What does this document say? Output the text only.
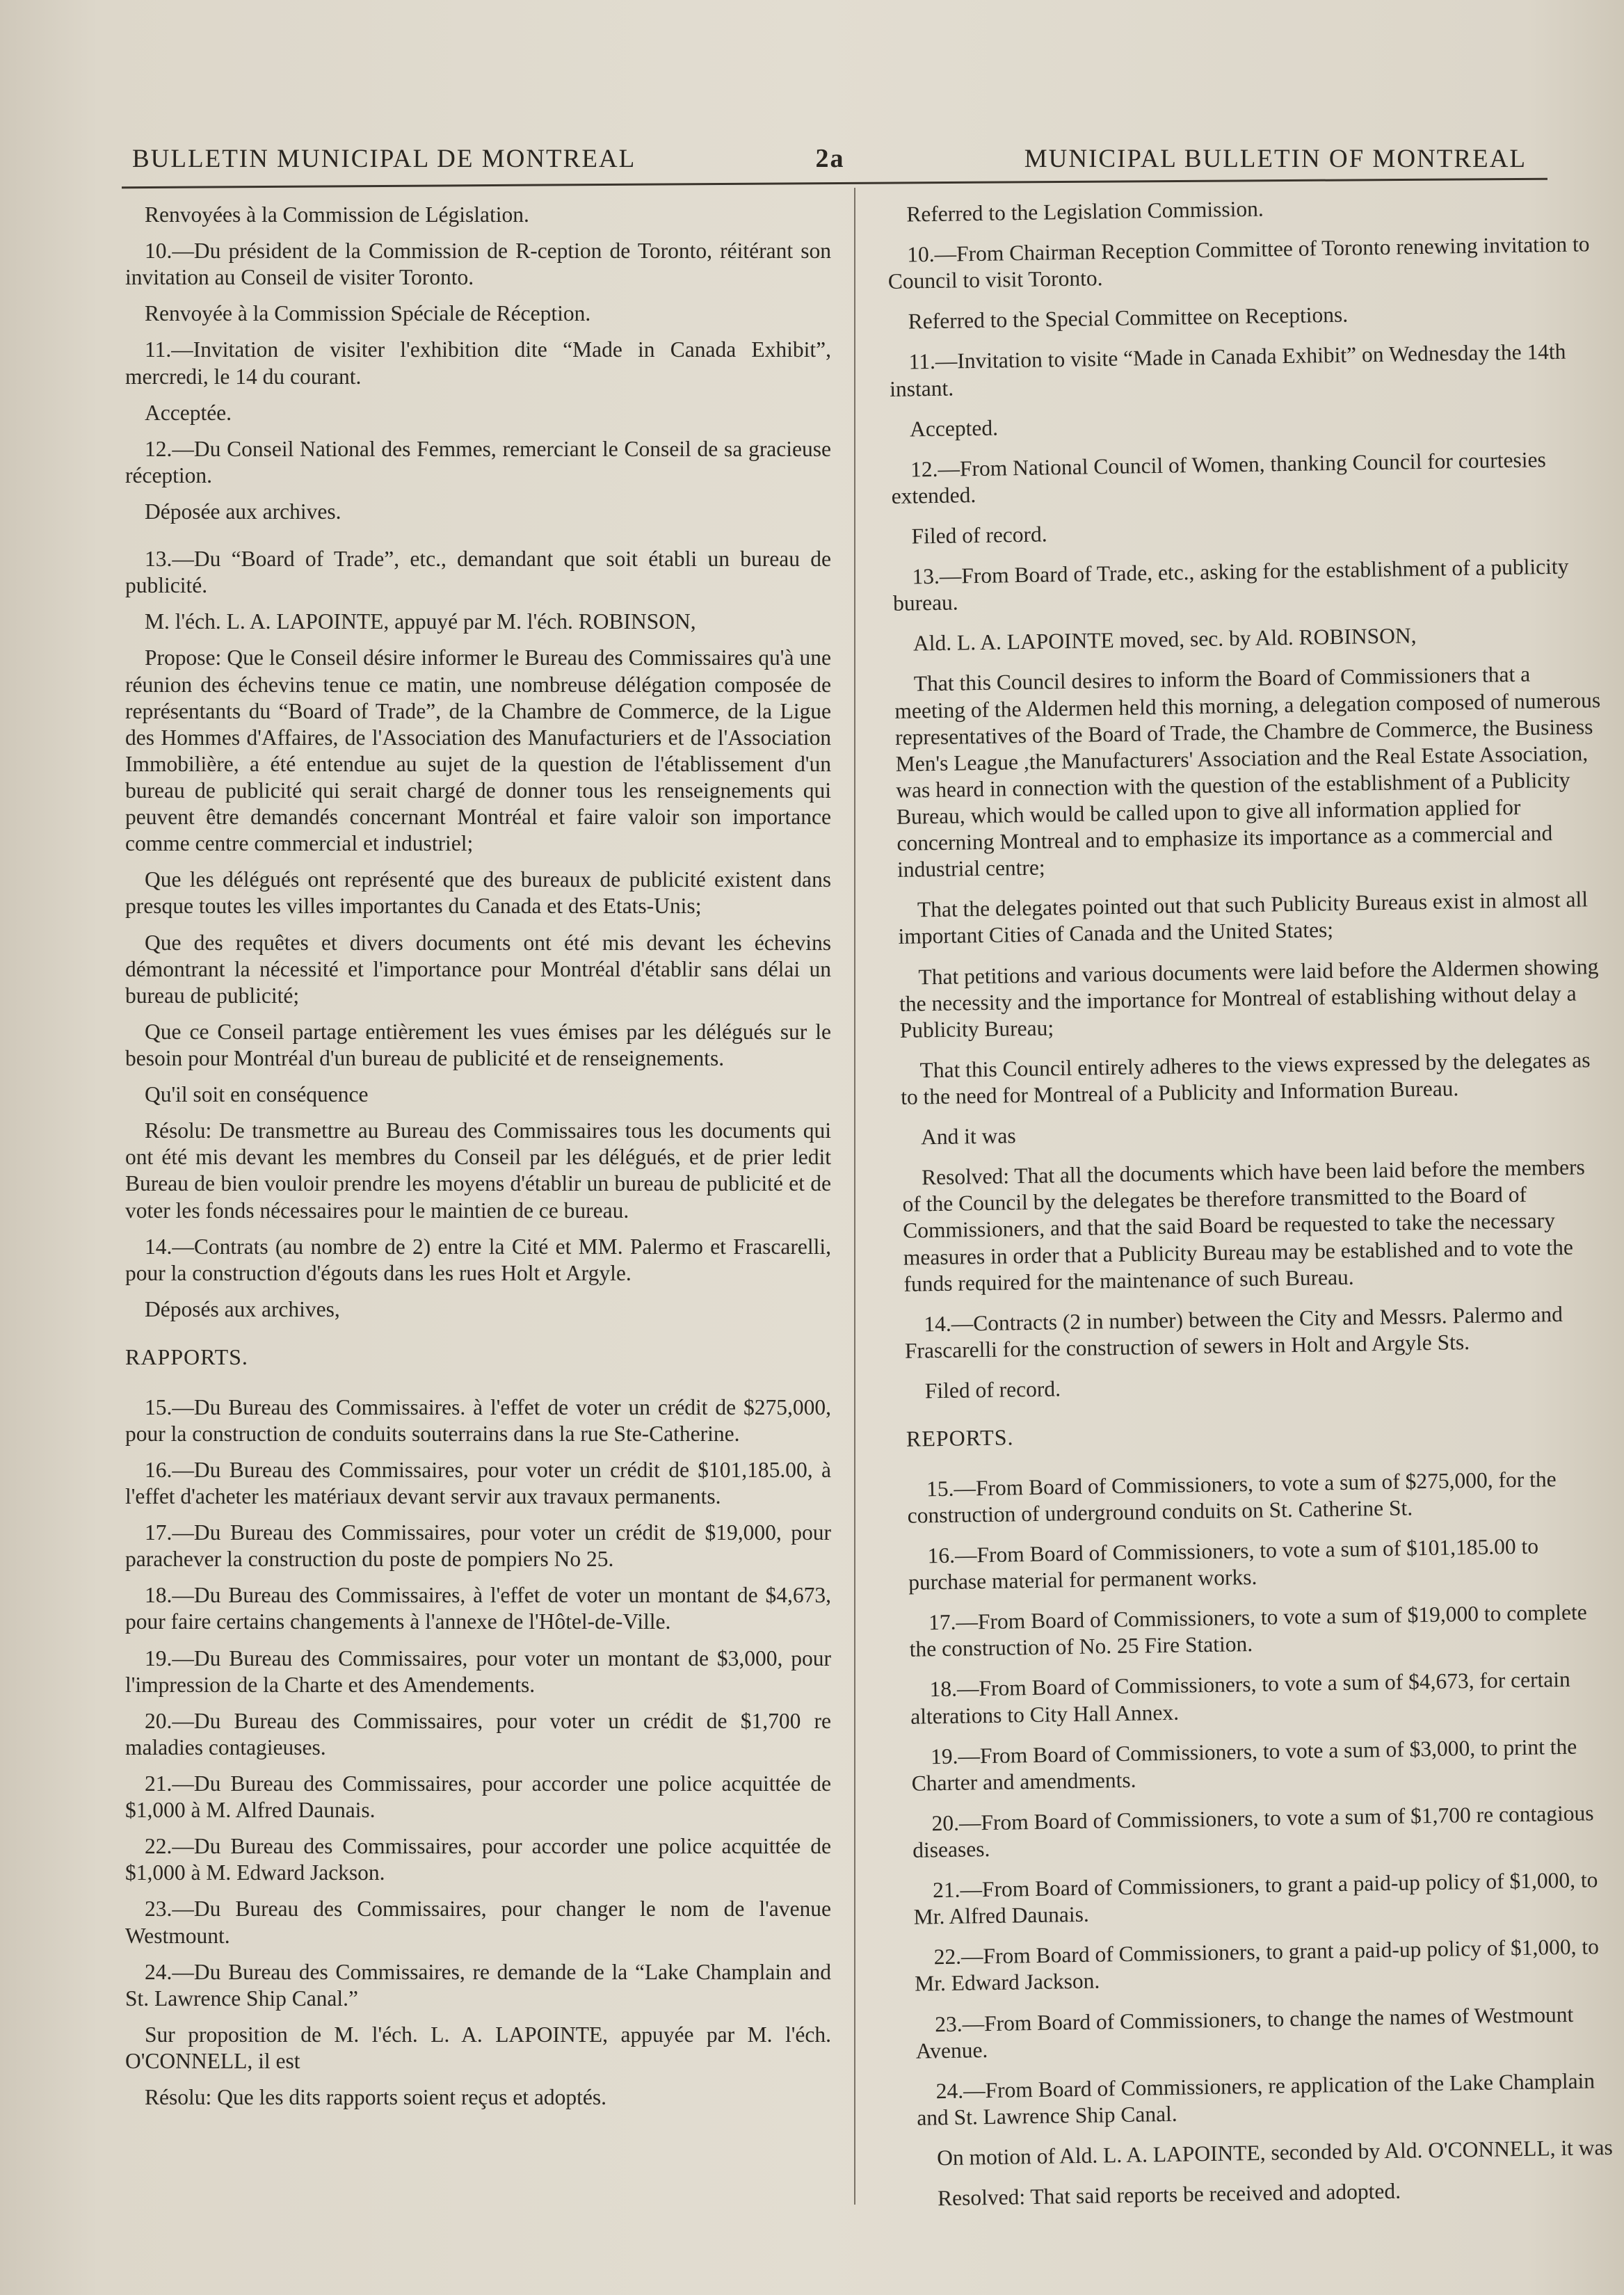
BULLETIN MUNICIPAL DE MONTREAL	2a	MUNICIPAL BULLETIN OF MONTREAL

Renvoyées à la Commission de Législation.

10.—Du président de la Commission de R-ception de Toronto, réitérant son invitation au Conseil de visiter Toronto.

Renvoyée à la Commission Spéciale de Réception.

11.—Invitation de visiter l'exhibition dite “Made in Canada Exhibit”, mercredi, le 14 du courant.

Acceptée.

12.—Du Conseil National des Femmes, remerciant le Conseil de sa gracieuse réception.

Déposée aux archives.

13.—Du “Board of Trade”, etc., demandant que soit établi un bureau de publicité.

M. l'éch. L. A. LAPOINTE, appuyé par M. l'éch. ROBINSON,

Propose: Que le Conseil désire informer le Bureau des Commissaires qu'à une réunion des échevins tenue ce matin, une nombreuse délégation composée de représentants du “Board of Trade”, de la Chambre de Commerce, de la Ligue des Hommes d'Affaires, de l'Association des Manufacturiers et de l'Association Immobilière, a été entendue au sujet de la question de l'établissement d'un bureau de publicité qui serait chargé de donner tous les renseignements qui peuvent être demandés concernant Montréal et faire valoir son importance comme centre commercial et industriel;

Que les délégués ont représenté que des bureaux de publicité existent dans presque toutes les villes importantes du Canada et des Etats-Unis;

Que des requêtes et divers documents ont été mis devant les échevins démontrant la nécessité et l'importance pour Montréal d'établir sans délai un bureau de publicité;

Que ce Conseil partage entièrement les vues émises par les délégués sur le besoin pour Montréal d'un bureau de publicité et de renseignements.

Qu'il soit en conséquence

Résolu: De transmettre au Bureau des Commissaires tous les documents qui ont été mis devant les membres du Conseil par les délégués, et de prier ledit Bureau de bien vouloir prendre les moyens d'établir un bureau de publicité et de voter les fonds nécessaires pour le maintien de ce bureau.

14.—Contrats (au nombre de 2) entre la Cité et MM. Palermo et Frascarelli, pour la construction d'égouts dans les rues Holt et Argyle.

Déposés aux archives,

RAPPORTS.

15.—Du Bureau des Commissaires. à l'effet de voter un crédit de $275,000, pour la construction de conduits souterrains dans la rue Ste-Catherine.

16.—Du Bureau des Commissaires, pour voter un crédit de $101,185.00, à l'effet d'acheter les matériaux devant servir aux travaux permanents.

17.—Du Bureau des Commissaires, pour voter un crédit de $19,000, pour parachever la construction du poste de pompiers No 25.

18.—Du Bureau des Commissaires, à l'effet de voter un montant de $4,673, pour faire certains changements à l'annexe de l'Hôtel-de-Ville.

19.—Du Bureau des Commissaires, pour voter un montant de $3,000, pour l'impression de la Charte et des Amendements.

20.—Du Bureau des Commissaires, pour voter un crédit de $1,700 re maladies contagieuses.

21.—Du Bureau des Commissaires, pour accorder une police acquittée de $1,000 à M. Alfred Daunais.

22.—Du Bureau des Commissaires, pour accorder une police acquittée de $1,000 à M. Edward Jackson.

23.—Du Bureau des Commissaires, pour changer le nom de l'avenue Westmount.

24.—Du Bureau des Commissaires, re demande de la “Lake Champlain and St. Lawrence Ship Canal.”

Sur proposition de M. l'éch. L. A. LAPOINTE, appuyée par M. l'éch. O'CONNELL, il est

Résolu: Que les dits rapports soient reçus et adoptés.

Referred to the Legislation Commission.

10.—From Chairman Reception Committee of Toronto renewing invitation to Council to visit Toronto.

Referred to the Special Committee on Receptions.

11.—Invitation to visite “Made in Canada Exhibit” on Wednesday the 14th instant.

Accepted.

12.—From National Council of Women, thanking Council for courtesies extended.

Filed of record.

13.—From Board of Trade, etc., asking for the establishment of a publicity bureau.

Ald. L. A. LAPOINTE moved, sec. by Ald. ROBINSON,

That this Council desires to inform the Board of Commissioners that a meeting of the Aldermen held this morning, a delegation composed of numerous representatives of the Board of Trade, the Chambre de Commerce, the Business Men's League ,the Manufacturers' Association and the Real Estate Association, was heard in connection with the question of the establishment of a Publicity Bureau, which would be called upon to give all information applied for concerning Montreal and to emphasize its importance as a commercial and industrial centre;

That the delegates pointed out that such Publicity Bureaus exist in almost all important Cities of Canada and the United States;

That petitions and various documents were laid before the Aldermen showing the necessity and the importance for Montreal of establishing without delay a Publicity Bureau;

That this Council entirely adheres to the views expressed by the delegates as to the need for Montreal of a Publicity and Information Bureau.

And it was

Resolved: That all the documents which have been laid before the members of the Council by the delegates be therefore transmitted to the Board of Commissioners, and that the said Board be requested to take the necessary measures in order that a Publicity Bureau may be established and to vote the funds required for the maintenance of such Bureau.

14.—Contracts (2 in number) between the City and Messrs. Palermo and Frascarelli for the construction of sewers in Holt and Argyle Sts.

Filed of record.

REPORTS.

15.—From Board of Commissioners, to vote a sum of $275,000, for the construction of underground conduits on St. Catherine St.

16.—From Board of Commissioners, to vote a sum of $101,185.00 to purchase material for permanent works.

17.—From Board of Commissioners, to vote a sum of $19,000 to complete the construction of No. 25 Fire Station.

18.—From Board of Commissioners, to vote a sum of $4,673, for certain alterations to City Hall Annex.

19.—From Board of Commissioners, to vote a sum of $3,000, to print the Charter and amendments.

20.—From Board of Commissioners, to vote a sum of $1,700 re contagious diseases.

21.—From Board of Commissioners, to grant a paid-up policy of $1,000, to Mr. Alfred Daunais.

22.—From Board of Commissioners, to grant a paid-up policy of $1,000, to Mr. Edward Jackson.

23.—From Board of Commissioners, to change the names of Westmount Avenue.

24.—From Board of Commissioners, re application of the Lake Champlain and St. Lawrence Ship Canal.

On motion of Ald. L. A. LAPOINTE, seconded by Ald. O'CONNELL, it was

Resolved: That said reports be received and adopted.
